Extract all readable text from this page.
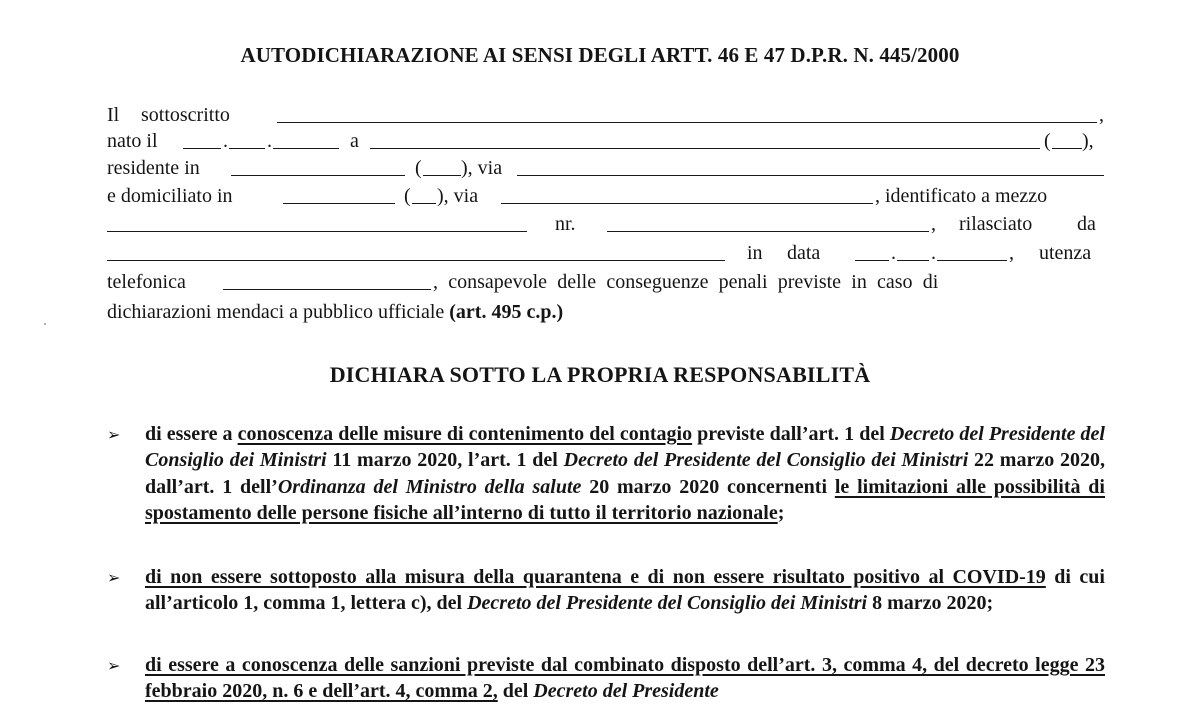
AUTODICHIARAZIONE AI SENSI DEGLI ARTT. 46 E 47 D.P.R. N. 445/2000
Il sottoscritto	,
nato il	. .	a	( ),
residente in	( ), via
e domiciliato in	( ), via	, identificato a mezzo
nr.	, rilasciato da
in data	. .	, utenza
telefonica	, consapevole delle conseguenze penali previste in caso di
dichiarazioni mendaci a pubblico ufficiale (art. 495 c.p.)
DICHIARA SOTTO LA PROPRIA RESPONSABILITÀ
➢	di essere a conoscenza delle misure di contenimento del contagio previste dall’art. 1 del Decreto del Presidente del Consiglio dei Ministri 11 marzo 2020, l’art. 1 del Decreto del Presidente del Consiglio dei Ministri 22 marzo 2020, dall’art. 1 dell’Ordinanza del Ministro della salute 20 marzo 2020 concernenti le limitazioni alle possibilità di spostamento delle persone fisiche all’interno di tutto il territorio nazionale;
➢	di non essere sottoposto alla misura della quarantena e di non essere risultato positivo al COVID-19 di cui all’articolo 1, comma 1, lettera c), del Decreto del Presidente del Consiglio dei Ministri 8 marzo 2020;
➢	di essere a conoscenza delle sanzioni previste dal combinato disposto dell’art. 3, comma 4, del decreto legge 23 febbraio 2020, n. 6 e dell’art. 4, comma 2, del Decreto del Presidente
